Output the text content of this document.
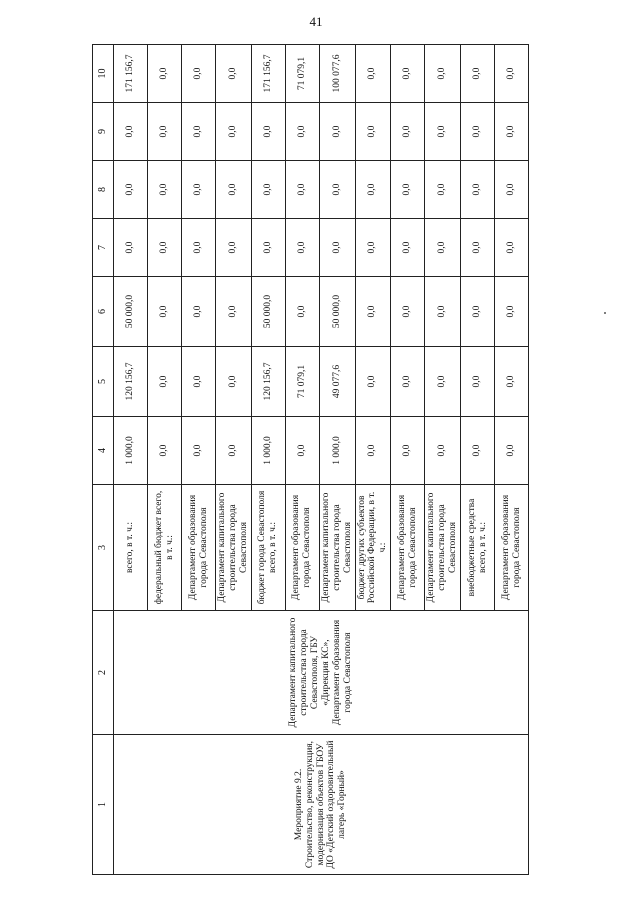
41
1	2	3	4	5	6	7	8	9	10
Мероприятие 9.2. Строительство, реконструкция, модернизация объектов ГБОУ ДО «Детский оздоровительный лагерь «Горный»	Департамент капитального строительства города Севастополя, ГБУ «Дирекция КС», Департамент образования города Севастополя	всего, в т. ч.:	1 000,0	120 156,7	50 000,0	0,0	0,0	0,0	171 156,7
		федеральный бюджет всего, в т. ч.:	0,0	0,0	0,0	0,0	0,0	0,0	0,0
		Департамент образования города Севастополя	0,0	0,0	0,0	0,0	0,0	0,0	0,0
		Департамент капитального строительства города Севастополя	0,0	0,0	0,0	0,0	0,0	0,0	0,0
		бюджет города Севастополя всего, в т. ч.:	1 000,0	120 156,7	50 000,0	0,0	0,0	0,0	171 156,7
		Департамент образования города Севастополя	0,0	71 079,1	0,0	0,0	0,0	0,0	71 079,1
		Департамент капитального строительства города Севастополя	1 000,0	49 077,6	50 000,0	0,0	0,0	0,0	100 077,6
		бюджет других субъектов Российской Федерации, в т. ч.:	0,0	0,0	0,0	0,0	0,0	0,0	0,0
		Департамент образования города Севастополя	0,0	0,0	0,0	0,0	0,0	0,0	0,0
		Департамент капитального строительства города Севастополя	0,0	0,0	0,0	0,0	0,0	0,0	0,0
		внебюджетные средства всего, в т. ч.:	0,0	0,0	0,0	0,0	0,0	0,0	0,0
		Департамент образования города Севастополя	0,0	0,0	0,0	0,0	0,0	0,0	0,0
